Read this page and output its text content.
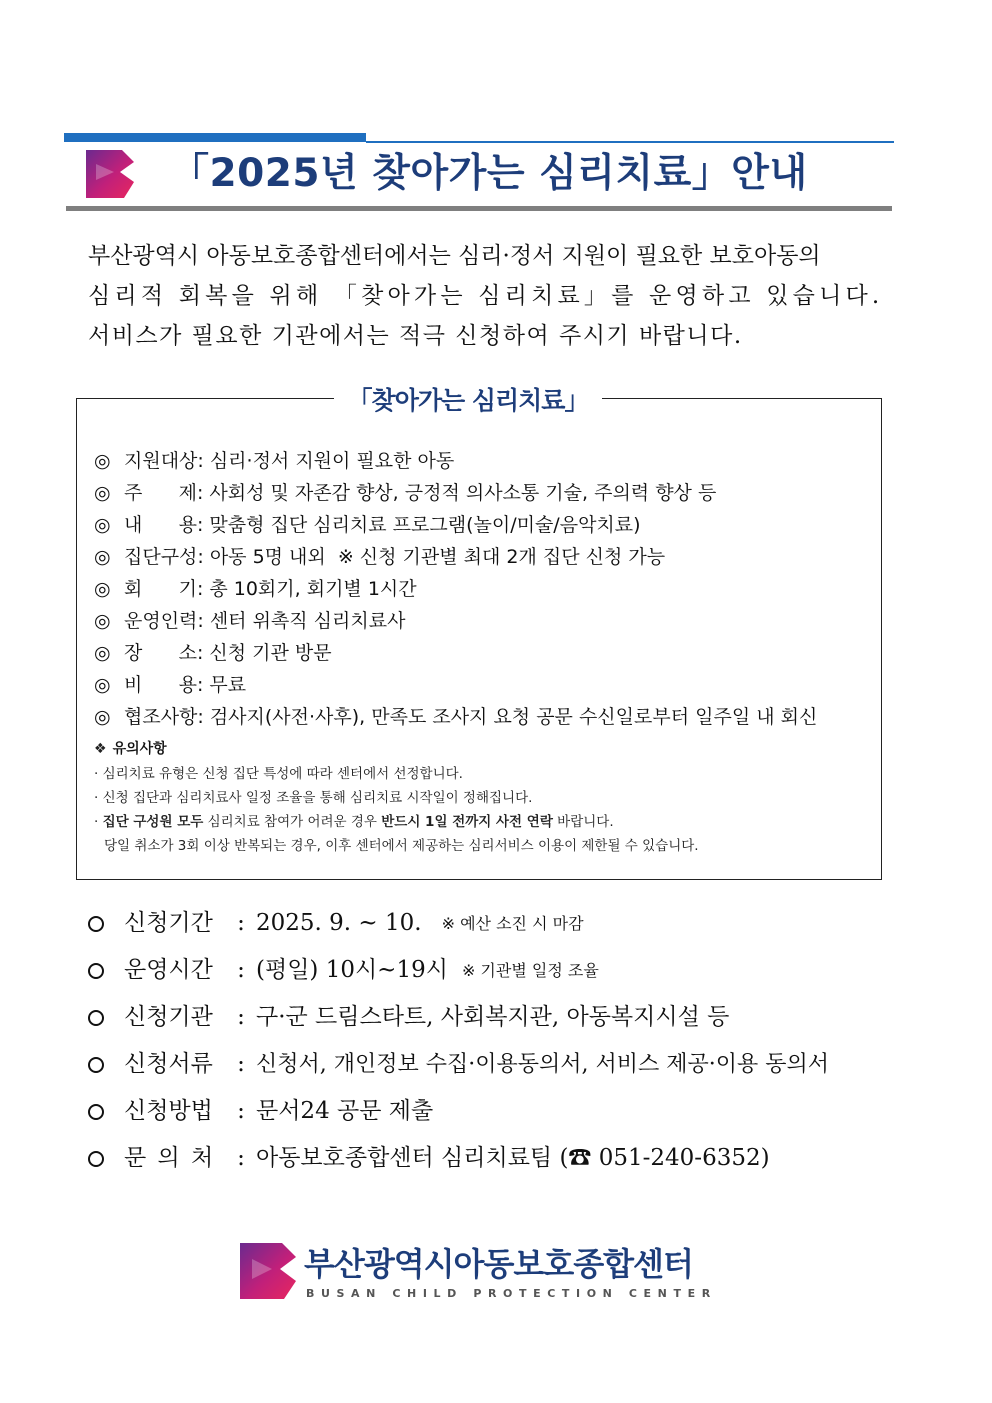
「2025년 찾아가는 심리치료」안내

부산광역시 아동보호종합센터에서는 심리·정서 지원이 필요한 보호아동의

심리적 회복을 위해 「찾아가는 심리치료」를 운영하고 있습니다.

서비스가 필요한 기관에서는 적극 신청하여 주시기 바랍니다.

「찾아가는 심리치료」
◎ 지원대상: 심리·정서 지원이 필요한 아동
◎ 주      제: 사회성 및 자존감 향상, 긍정적 의사소통 기술, 주의력 향상 등
◎ 내      용: 맞춤형 집단 심리치료 프로그램(놀이/미술/음악치료)
◎ 집단구성: 아동 5명 내외  ※ 신청 기관별 최대 2개 집단 신청 가능
◎ 회      기: 총 10회기, 회기별 1시간
◎ 운영인력: 센터 위촉직 심리치료사
◎ 장      소: 신청 기관 방문
◎ 비      용: 무료
◎ 협조사항: 검사지(사전·사후), 만족도 조사지 요청 공문 수신일로부터 일주일 내 회신
❖ 유의사항
· 심리치료 유형은 신청 집단 특성에 따라 센터에서 선정합니다.
· 신청 집단과 심리치료사 일정 조율을 통해 심리치료 시작일이 정해집니다.
· 집단 구성원 모두 심리치료 참여가 어려운 경우 반드시 1일 전까지 사전 연락 바랍니다.
당일 취소가 3회 이상 반복되는 경우, 이후 센터에서 제공하는 심리서비스 이용이 제한될 수 있습니다.
신청기간	: 2025. 9. ~ 10. ※ 예산 소진 시 마감
운영시간	: (평일) 10시~19시 ※ 기관별 일정 조율
신청기관	: 구·군 드림스타트, 사회복지관, 아동복지시설 등
신청서류	: 신청서, 개인정보 수집·이용동의서, 서비스 제공·이용 동의서
신청방법	: 문서24 공문 제출
문 의 처 : 아동보호종합센터 심리치료팀 (☎ 051-240-6352)
부산광역시아동보호종합센터
BUSAN CHILD PROTECTION CENTER
